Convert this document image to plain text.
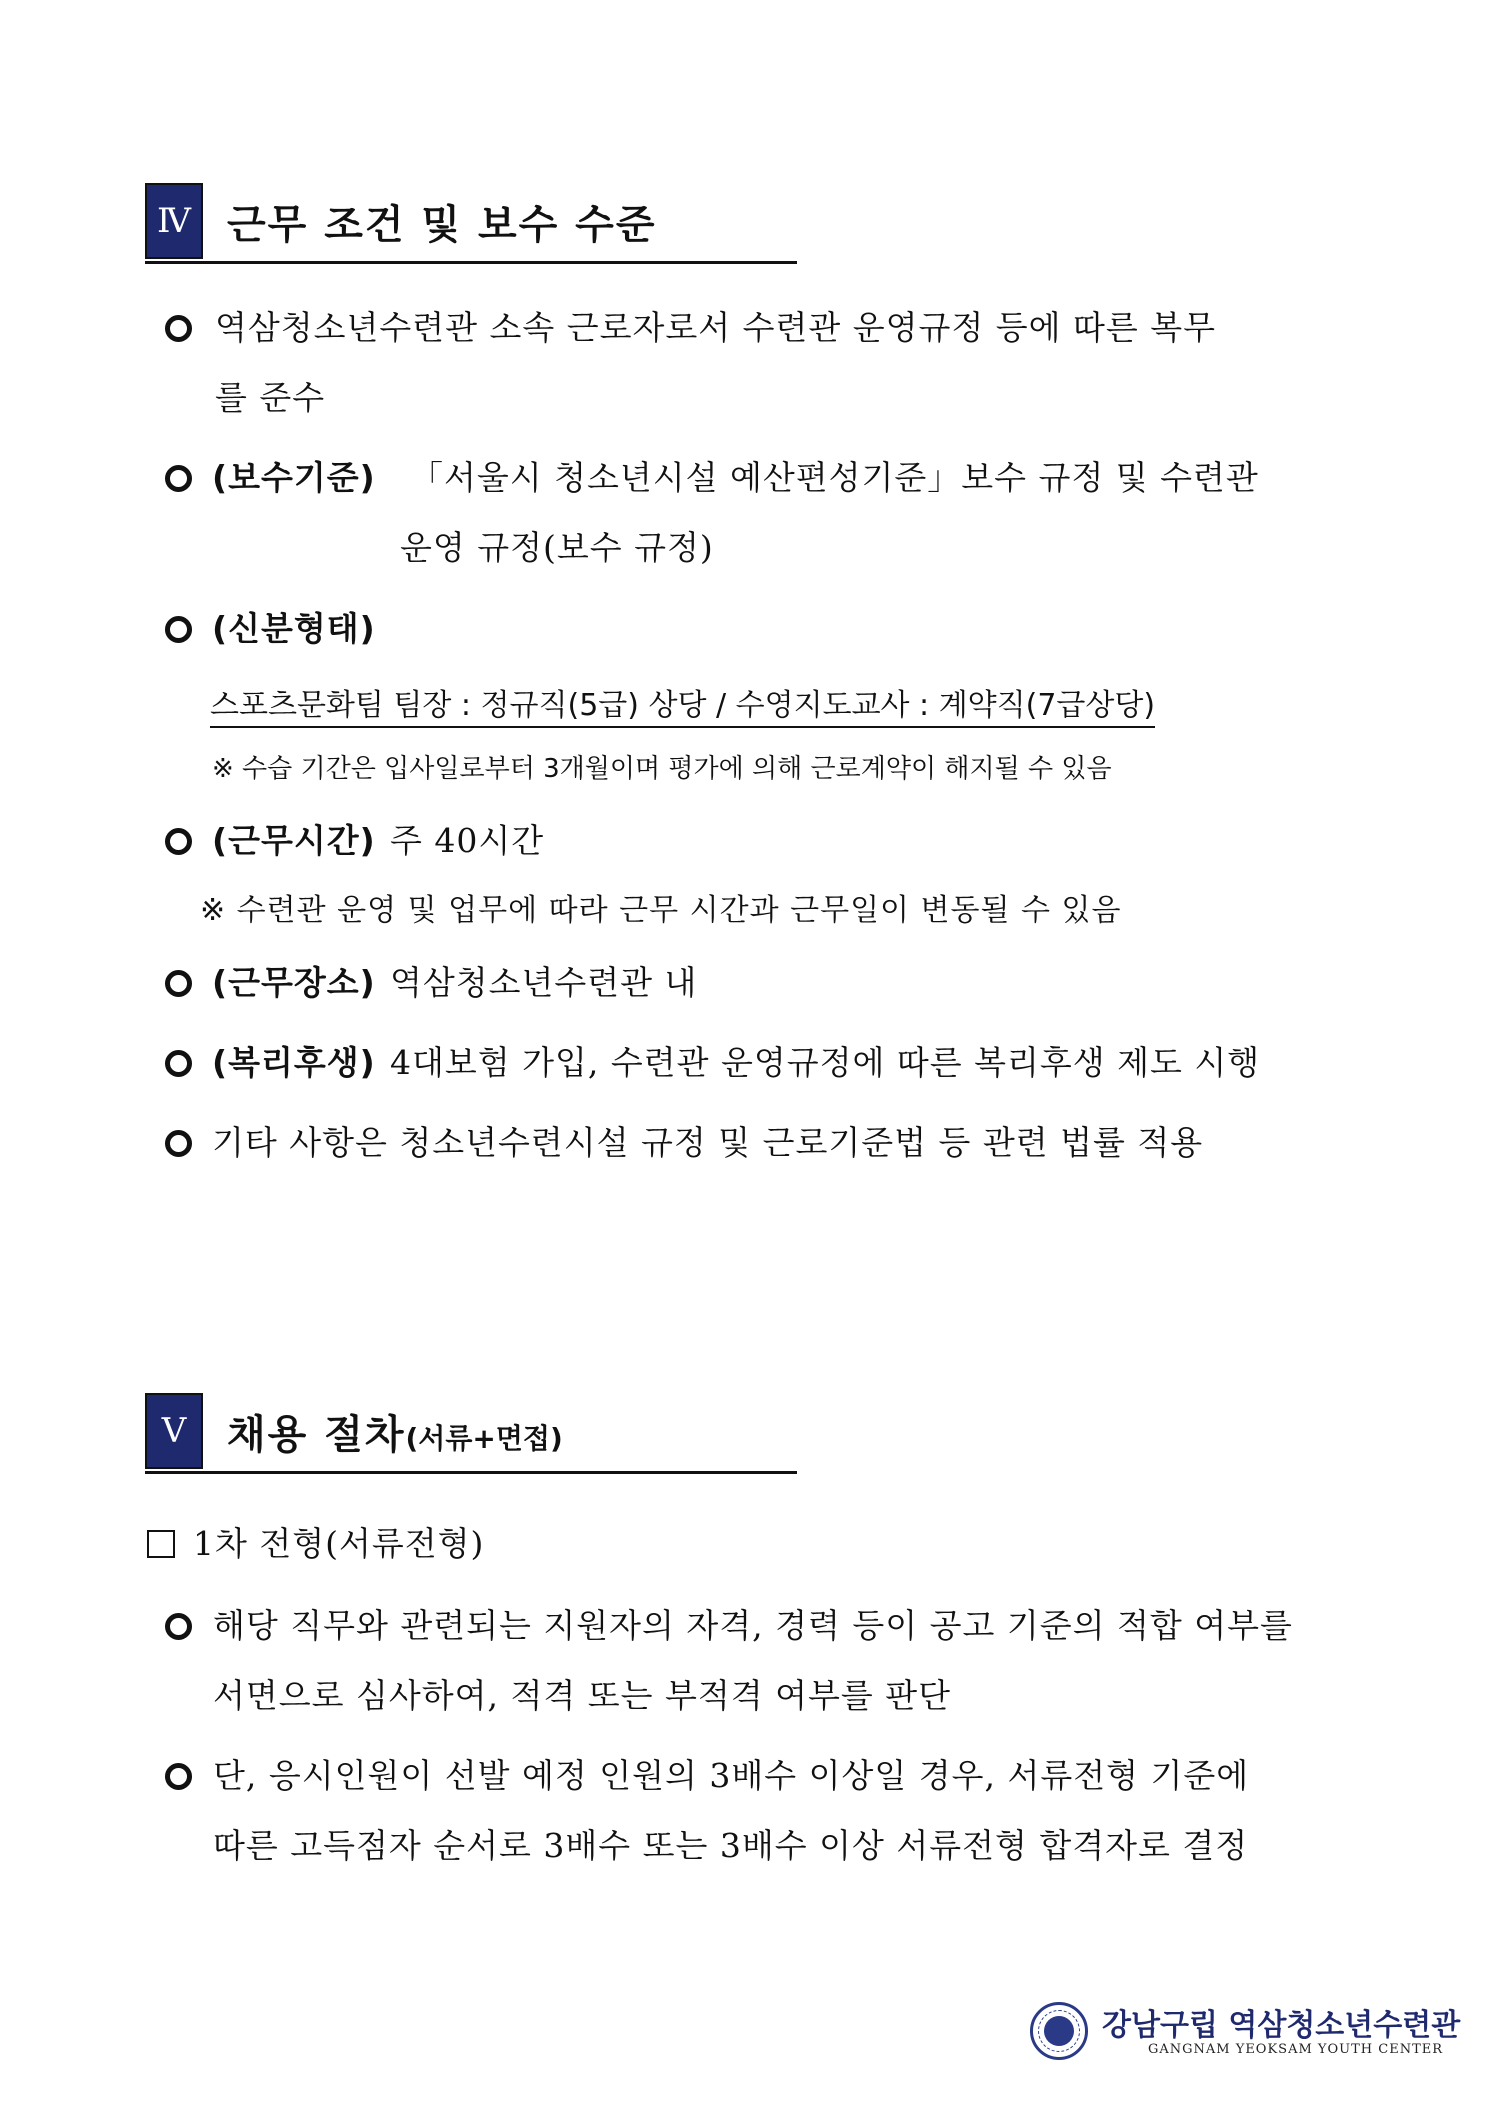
Ⅳ 근무 조건 및 보수 수준
역삼청소년수련관 소속 근로자로서 수련관 운영규정 등에 따른 복무
를 준수
(보수기준) 「서울시 청소년시설 예산편성기준」보수 규정 및 수련관
운영 규정(보수 규정)
(신분형태)
스포츠문화팀 팀장 : 정규직(5급) 상당 / 수영지도교사 : 계약직(7급상당)
※ 수습 기간은 입사일로부터 3개월이며 평가에 의해 근로계약이 해지될 수 있음
(근무시간) 주 40시간
※ 수련관 운영 및 업무에 따라 근무 시간과 근무일이 변동될 수 있음
(근무장소) 역삼청소년수련관 내
(복리후생) 4대보험 가입, 수련관 운영규정에 따른 복리후생 제도 시행
기타 사항은 청소년수련시설 규정 및 근로기준법 등 관련 법률 적용
Ⅴ	채용 절차(서류+면접)
1차 전형(서류전형)
해당 직무와 관련되는 지원자의 자격, 경력 등이 공고 기준의 적합 여부를
서면으로 심사하여, 적격 또는 부적격 여부를 판단
단, 응시인원이 선발 예정 인원의 3배수 이상일 경우, 서류전형 기준에
따른 고득점자 순서로 3배수 또는 3배수 이상 서류전형 합격자로 결정
강남구립 역삼청소년수련관
GANGNAM YEOKSAM YOUTH CENTER
